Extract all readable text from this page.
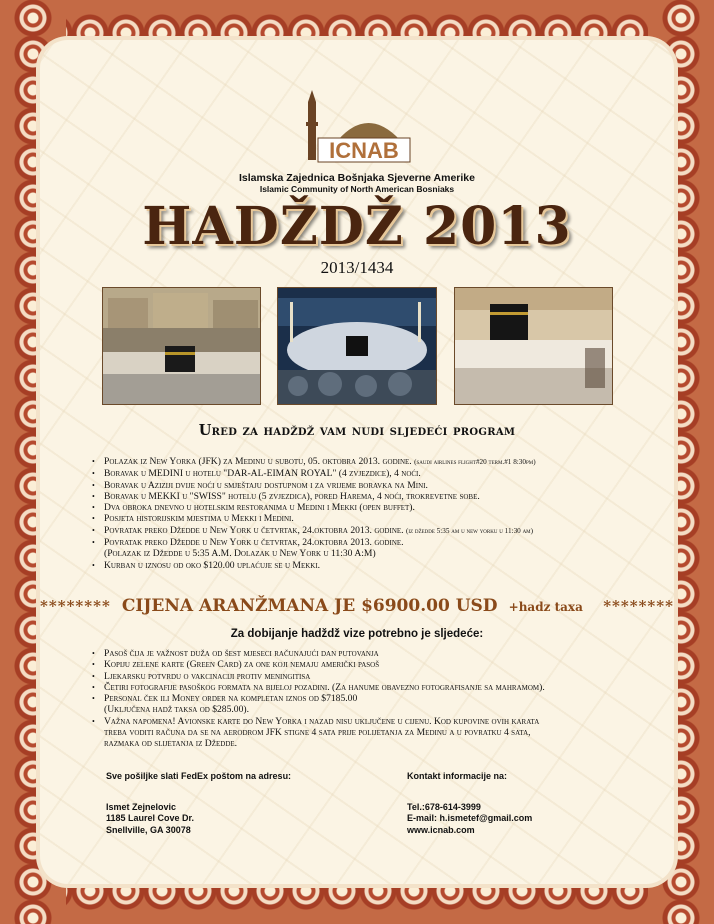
ICNAB
Islamska Zajednica Bošnjaka Sjeverne Amerike
Islamic Community of North American Bosniaks
HADŽDŽ 2013
2013/1434
Ured za hadždž vam nudi sljedeći program
• Polazak iz New Yorka (JFK) za Medinu u subotu, 05. oktobra 2013. godine. (saudi airlines flight#20 term.#1 8:30pm)
• Boravak u MEDINI u hotelu "DAR-AL-EIMAN ROYAL" (4 zvjezdice), 4 noći.
• Boravak u Aziziji dvije noći u smještaju dostupnom i za vrijeme boravka na Mini.
• Boravak u MEKKI u "SWISS" hotelu (5 zvjezdica), pored Harema, 4 noći, trokrevetne sobe.
• Dva obroka dnevno u hotelskim restoranima u Medini i Mekki (open buffet).
• Posjeta historijskim mjestima u Mekki i Medini.
• Povratak preko Džedde u New York u četvrtak, 24.oktobra 2013. godine. (iz džedde 5:35 am u new yorku u 11:30 am)
• Povratak preko Džedde u New York u četvrtak, 24.oktobra 2013. godine.
(Polazak iz Džedde u 5:35 A.M. Dolazak u New York u 11:30 A:M)
• Kurban u iznosu od oko $120.00 uplaćuje se u Mekki.
******** CIJENA ARANŽMANA JE $6900.00 USD +hadz taxa ********
Za dobijanje hadždž vize potrebno je sljedeće:
• Pasoš čija je važnost duža od šest mjeseci računajući dan putovanja
• Kopiju zelene karte (Green Card) za one koji nemaju američki pasoš
• Ljekarsku potvrdu o vakcinaciji protiv meningitisa
• Četiri fotografije pasoškog formata na bijeloj pozadini. (Za hanume obavezno fotografisanje sa mahramom).
• Personal ček ili Money order na kompletan iznos od $7185.00
(Uključena hadž taksa od $285.00).
• Važna napomena! Avionske karte do New Yorka i nazad nisu uključene u cijenu. Kod kupovine ovih karata
treba voditi računa da se na aerodrom JFK stigne 4 sata prije polijetanja za Medinu a u povratku 4 sata,
razmaka od slijetanja iz Džedde.
Sve pošiljke slati FedEx poštom na adresu:
Ismet Zejnelovic
1185 Laurel Cove Dr.
Snellville, GA 30078
Kontakt informacije na:
Tel.:678-614-3999
E-mail: h.ismetef@gmail.com
www.icnab.com
